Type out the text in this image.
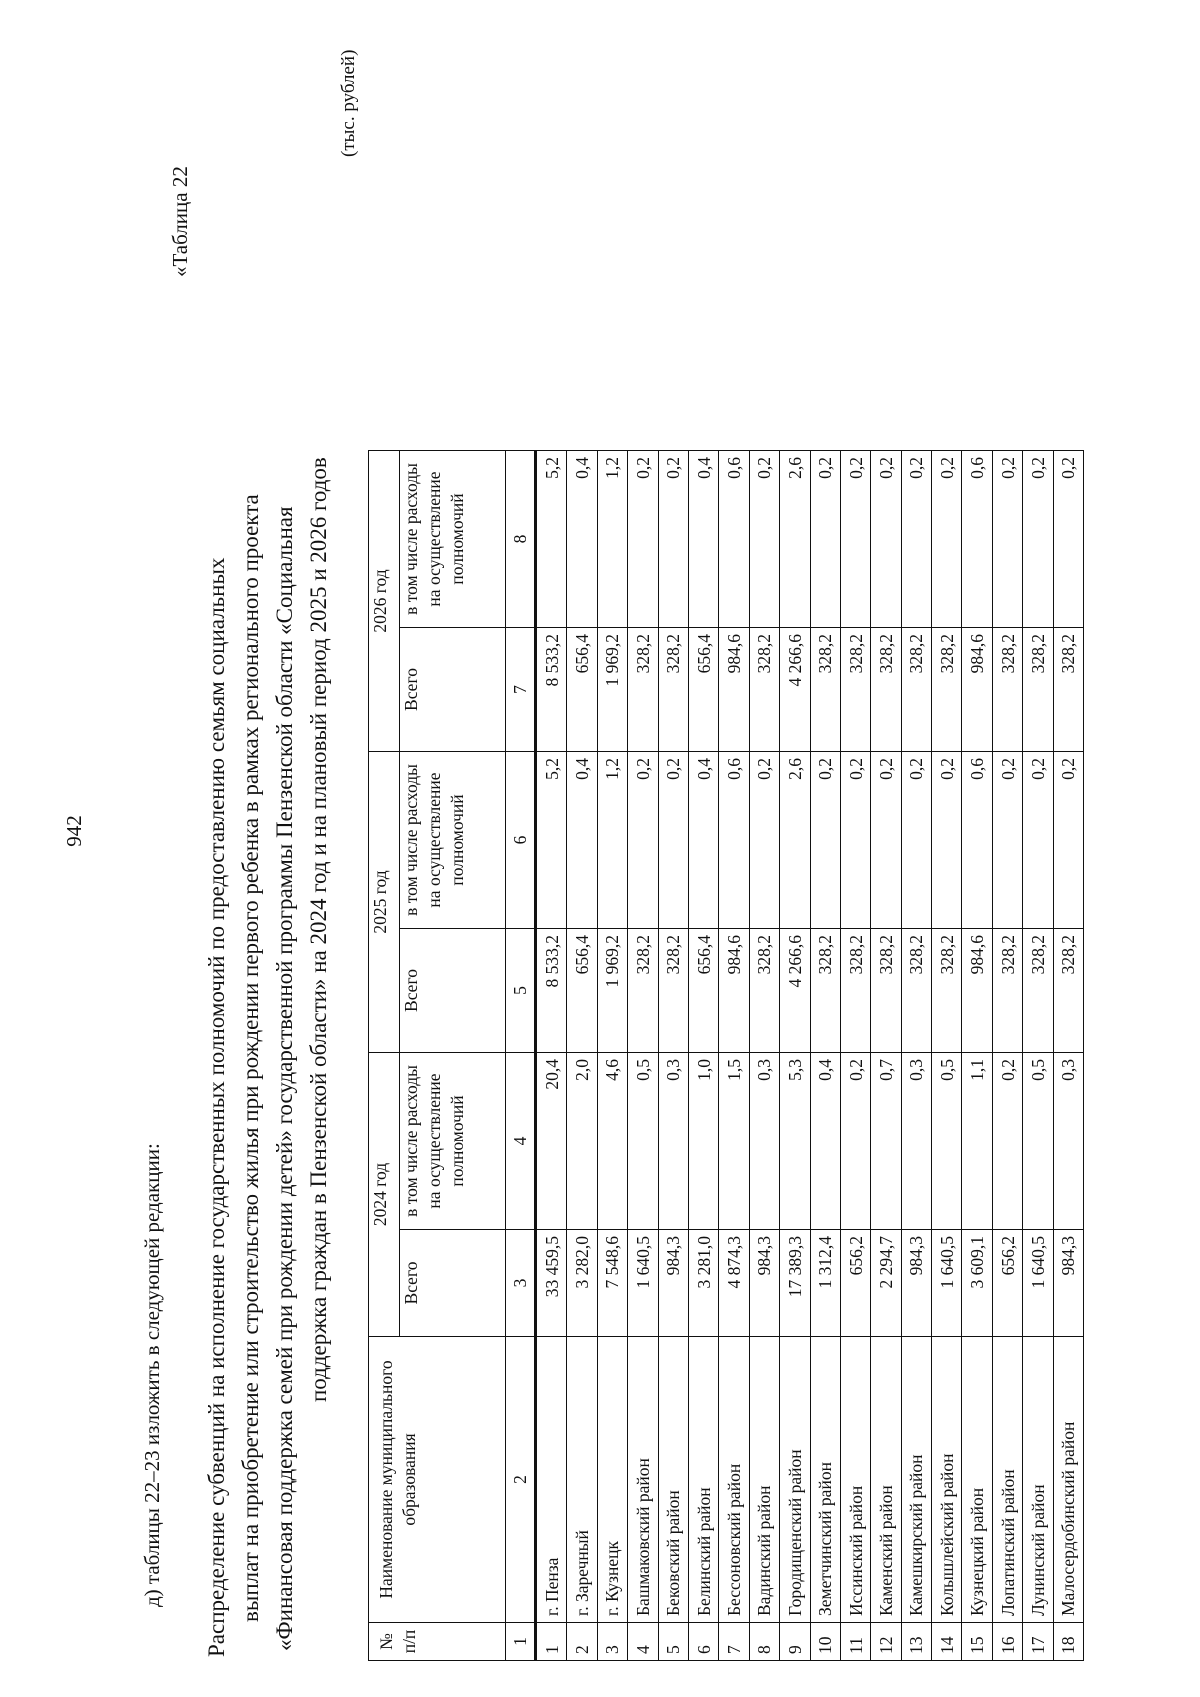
942
д) таблицы 22–23 изложить в следующей редакции:
«Таблица 22
Распределение субвенций на исполнение государственных полномочий по предоставлению семьям социальных выплат на приобретение или строительство жилья при рождении первого ребенка в рамках регионального проекта «Финансовая поддержка семей при рождении детей» государственной программы Пензенской области «Социальная поддержка граждан в Пензенской области» на 2024 год и на плановый период 2025 и 2026 годов
(тыс. рублей)
№ п/п	Наименование муниципального образования	2024 год		2025 год		2026 год	
		Всего	в том числе расходы на осуществление полномочий	Всего	в том числе расходы на осуществление полномочий	Всего	в том числе расходы на осуществление полномочий
1	2	3	4	5	6	7	8
1	г. Пенза	33 459,5	20,4	8 533,2	5,2	8 533,2	5,2
2	г. Заречный	3 282,0	2,0	656,4	0,4	656,4	0,4
3	г. Кузнецк	7 548,6	4,6	1 969,2	1,2	1 969,2	1,2
4	Башмаковский район	1 640,5	0,5	328,2	0,2	328,2	0,2
5	Бековский район	984,3	0,3	328,2	0,2	328,2	0,2
6	Белинский район	3 281,0	1,0	656,4	0,4	656,4	0,4
7	Бессоновский район	4 874,3	1,5	984,6	0,6	984,6	0,6
8	Вадинский район	984,3	0,3	328,2	0,2	328,2	0,2
9	Городищенский район	17 389,3	5,3	4 266,6	2,6	4 266,6	2,6
10	Земетчинский район	1 312,4	0,4	328,2	0,2	328,2	0,2
11	Иссинский район	656,2	0,2	328,2	0,2	328,2	0,2
12	Каменский район	2 294,7	0,7	328,2	0,2	328,2	0,2
13	Камешкирский район	984,3	0,3	328,2	0,2	328,2	0,2
14	Колышлейский район	1 640,5	0,5	328,2	0,2	328,2	0,2
15	Кузнецкий район	3 609,1	1,1	984,6	0,6	984,6	0,6
16	Лопатинский район	656,2	0,2	328,2	0,2	328,2	0,2
17	Лунинский район	1 640,5	0,5	328,2	0,2	328,2	0,2
18	Малосердобинский район	984,3	0,3	328,2	0,2	328,2	0,2
